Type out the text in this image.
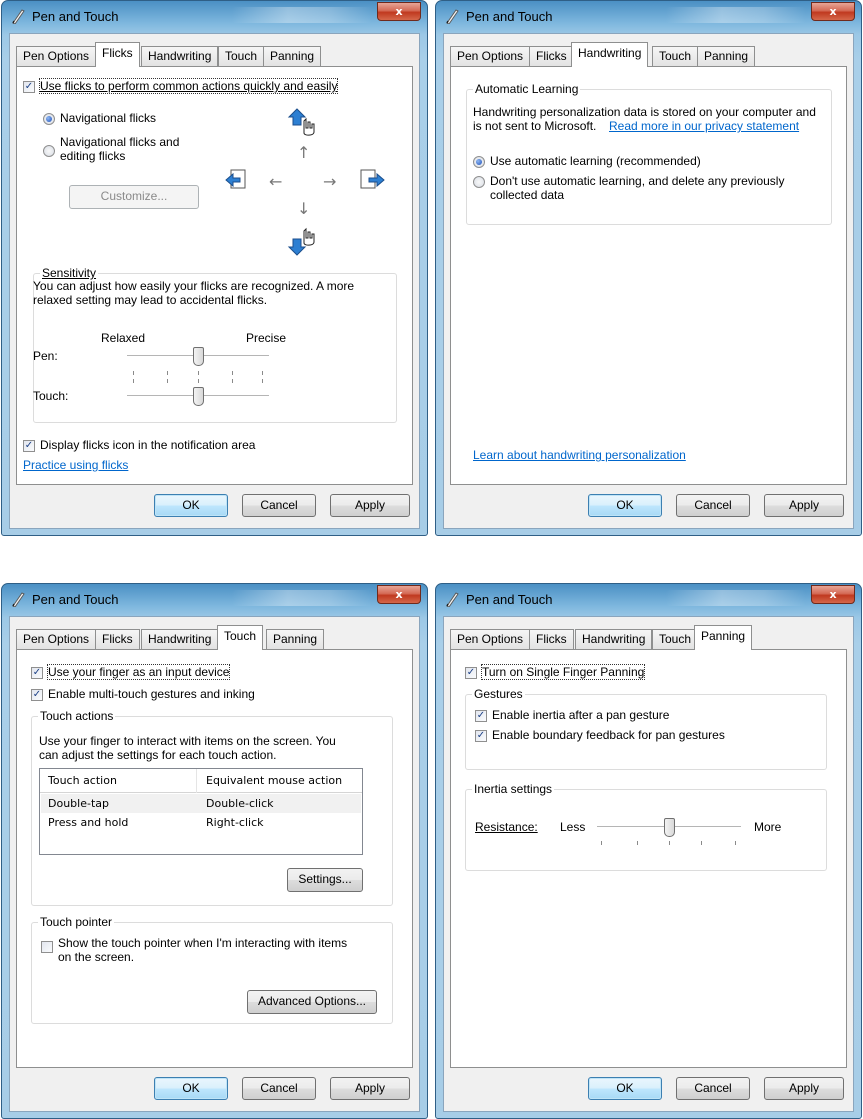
Pen and Touch	x
Pen Options	Flicks	Handwriting	Touch	Panning
✓ Use flicks to perform common actions quickly and easily
Navigational flicks
Navigational flicks and
editing flicks
Customize...
↑
←	→
↓
Sensitivity
You can adjust how easily your flicks are recognized. A more
relaxed setting may lead to accidental flicks.
Relaxed	Precise
Pen:
Touch:
✓ Display flicks icon in the notification area
Practice using flicks
OK	Cancel	Apply
Pen and Touch	x
Pen Options	Flicks Handwriting	Touch	Panning
Automatic Learning
Handwriting personalization data is stored on your computer and
is not sent to Microsoft. Read more in our privacy statement
Use automatic learning (recommended)
Don't use automatic learning, and delete any previously
collected data
Learn about handwriting personalization
OK	Cancel	Apply
Pen and Touch	x
Pen Options	Flicks	Handwriting	Touch	Panning
✓ Use your finger as an input device
✓ Enable multi-touch gestures and inking
Touch actions
Use your finger to interact with items on the screen. You
can adjust the settings for each touch action.
Touch action	Equivalent mouse action
Double-tap	Double-click
Press and hold	Right-click
Settings...
Touch pointer
Show the touch pointer when I'm interacting with items
on the screen.
Advanced Options...
OK	Cancel	Apply
Pen and Touch	x
Pen Options	Flicks	Handwriting	Touch Panning
✓ Turn on Single Finger Panning
Gestures
✓ Enable inertia after a pan gesture
✓ Enable boundary feedback for pan gestures
Inertia settings
Resistance: Less	More
OK	Cancel	Apply
